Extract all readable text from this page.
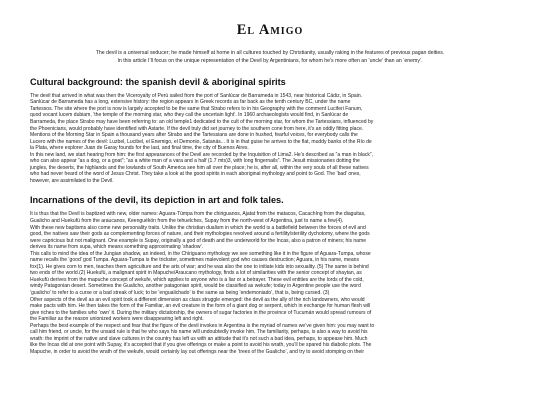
El Amigo
The devil is a universal seducer; he made himself at home in all cultures touched by Christianity, usually raking in the features of previous pagan deities.
In this article I’ll focus on the unique representation of the Devil by Argentinians, for whom he’s more often an ‘uncle’ than an ‘enemy’.
Cultural background: the spanish devil & aboriginal spirits
The devil that arrived in what was then the Viceroyalty of Perú sailed from the port of Sanlúcar de Barrameda in 1543, near historical Cádiz, in Spain.
Sanlúcar de Barrameda has a long, extensive history: the region appears in Greek records as far back as the tenth century BC, under the name
Tartessos. The site where the port is now is largely accepted to be the same that Strabo refers to in his Geography with the comment Luciferi Fanum,
quod vocant lucem dubiam, ‘the temple of the morning star, who they call the uncertain light’. In 1960 archaeologists would find, in Sanlúcar de
Barrameda, the place Strabo may have been referring to: an old temple1 dedicated to the cult of the morning star, for whom the Tartessians, influenced by
the Phoenicians, would probably have identified with Astarte. If the devil truly did set journey to the southern cone from here, it’s an oddly fitting place.
Mentions of the Morning Star in Spain a thousand years after Strabo and the Tartessians are done in hushed, fearful voices, for everybody calls the
Lucero with the names of the devil: Luzbel, Lucibel, el Enemigo, el Demonio, Satanás... It is in that guise he arrives to the flat, muddy banks of the Río de
la Plata, where explorer Juan de Garay founds for the last, and final time, the city of Buenos Aires.
In this new land, we start hearing from him: the first appearances of the Devil are recorded by the Inquisition of Lima2. He’s described as “a man in black”,
who can also appear “as a dog, or a goat”; “as a white man of a vara and a half (1.7 mts)3, with long fingernails”. The Jesuit missionaries dotting the
jungles, the deserts, the highlands and the lowlands of South America see him all over the place; he is, after all, within the very souls of all these natives
who had never heard of the word of Jesus Christ. They take a look at the good spirits in each aboriginal mythology and point to God. The ‘bad’ ones,
however, are assimilated to the Devil.
Incarnations of the devil, its depiction in art and folk tales.
It is thus that the Devil is baptized with new, older names: Aguara-Tümpa from the chiriguanos, Ajatat from the matacos, Cacachíng from the diaguitas,
Gualicho and Huekufü from the araucanos, Keenguékön from the tehuelches, Supay from the north-west of Argentina, just to name a few(4).
With these new baptisms also come new personality traits. Unlike the christian dualism in which the world is a battlefield between the forces of evil and
good, the natives saw their gods as complementing forces of nature, and their mythologies revolved around a fertility/sterility dychotomy, where the gods
were capricious but not malignant. One example is Supay, originally a god of death and the underworld for the Incas, also a patron of miners; his name
derives its name from supa, which means something approximating ‘shadow’.
This calls to mind the idea of the Jungian shadow, an indeed, in the Chiriguano mythology we see something like it in the figure of Aguara-Tumpa, whose
name recalls the ‘good’ god Tumpa. Aguara-Tumpa is the trickster, sometimes malevolent god who causes destruction; Aguara, in his name, means
fox(1). He gives corn to men, teaches them agriculture and the arts of war; and he was also the one to initiate kids into sexuality. (5) The same is behind
two ends of the world.(2) Huekufü, a malignant spirit in Mapuche/Araucano mythology, finds a lot of similarities with the senior concept of shaytan, as
Huekufü derives from the mapuche concept of wekufe, which applies to anyone who is a liar or a betrayer. These evil entities are the lords of the cold,
windy Patagonian desert. Sometimes the Gualicho, another patagonian spirit, would be classified as wekufe; today in Argentine people use the word
‘gualicho’ to refer to a curse or a bad streak of luck; to be ‘engualichado’ is the same as being ‘endemoniado’, that is, being cursed. (3)
Other aspects of the devil as an evil spirit took a different dimension as class struggle emerged: the devil as the ally of the rich landowners, who would
make pacts with him. He then takes the form of the Familiar, an evil creature in the form of a giant dog or serpent, which in exchange for human flesh will
give riches to the families who ‘own’ it. During the military dictatorship, the owners of sugar factories in the province of Tucumán would spread rumours of
the Familiar as the reason unionized workers were disappearing left and right.
Perhaps the best example of the respect and fear that the figure of the devil invokes in Argentina is the myriad of names we’ve given him: you may want to
call him friend, or uncle, for the unsaid rule is that he who says his name will undoubtedly invoke him. The familiarity, perhaps, is also a way to avoid his
wrath: the imprint of the native and slave cultures in the country has left us with an attitude that it’s not such a bad idea, perhaps, to appease him. Much
like the Incas did at one point with Supay, it’s accepted that if you give offerings or make a point to avoid his wrath, you’ll be spared his diabolic plots. The
Mapuche, in order to avoid the wrath of the wekufe, would certainly lay out offerings near the ‘trees of the Gualicho’, and try to avoid stomping on their
